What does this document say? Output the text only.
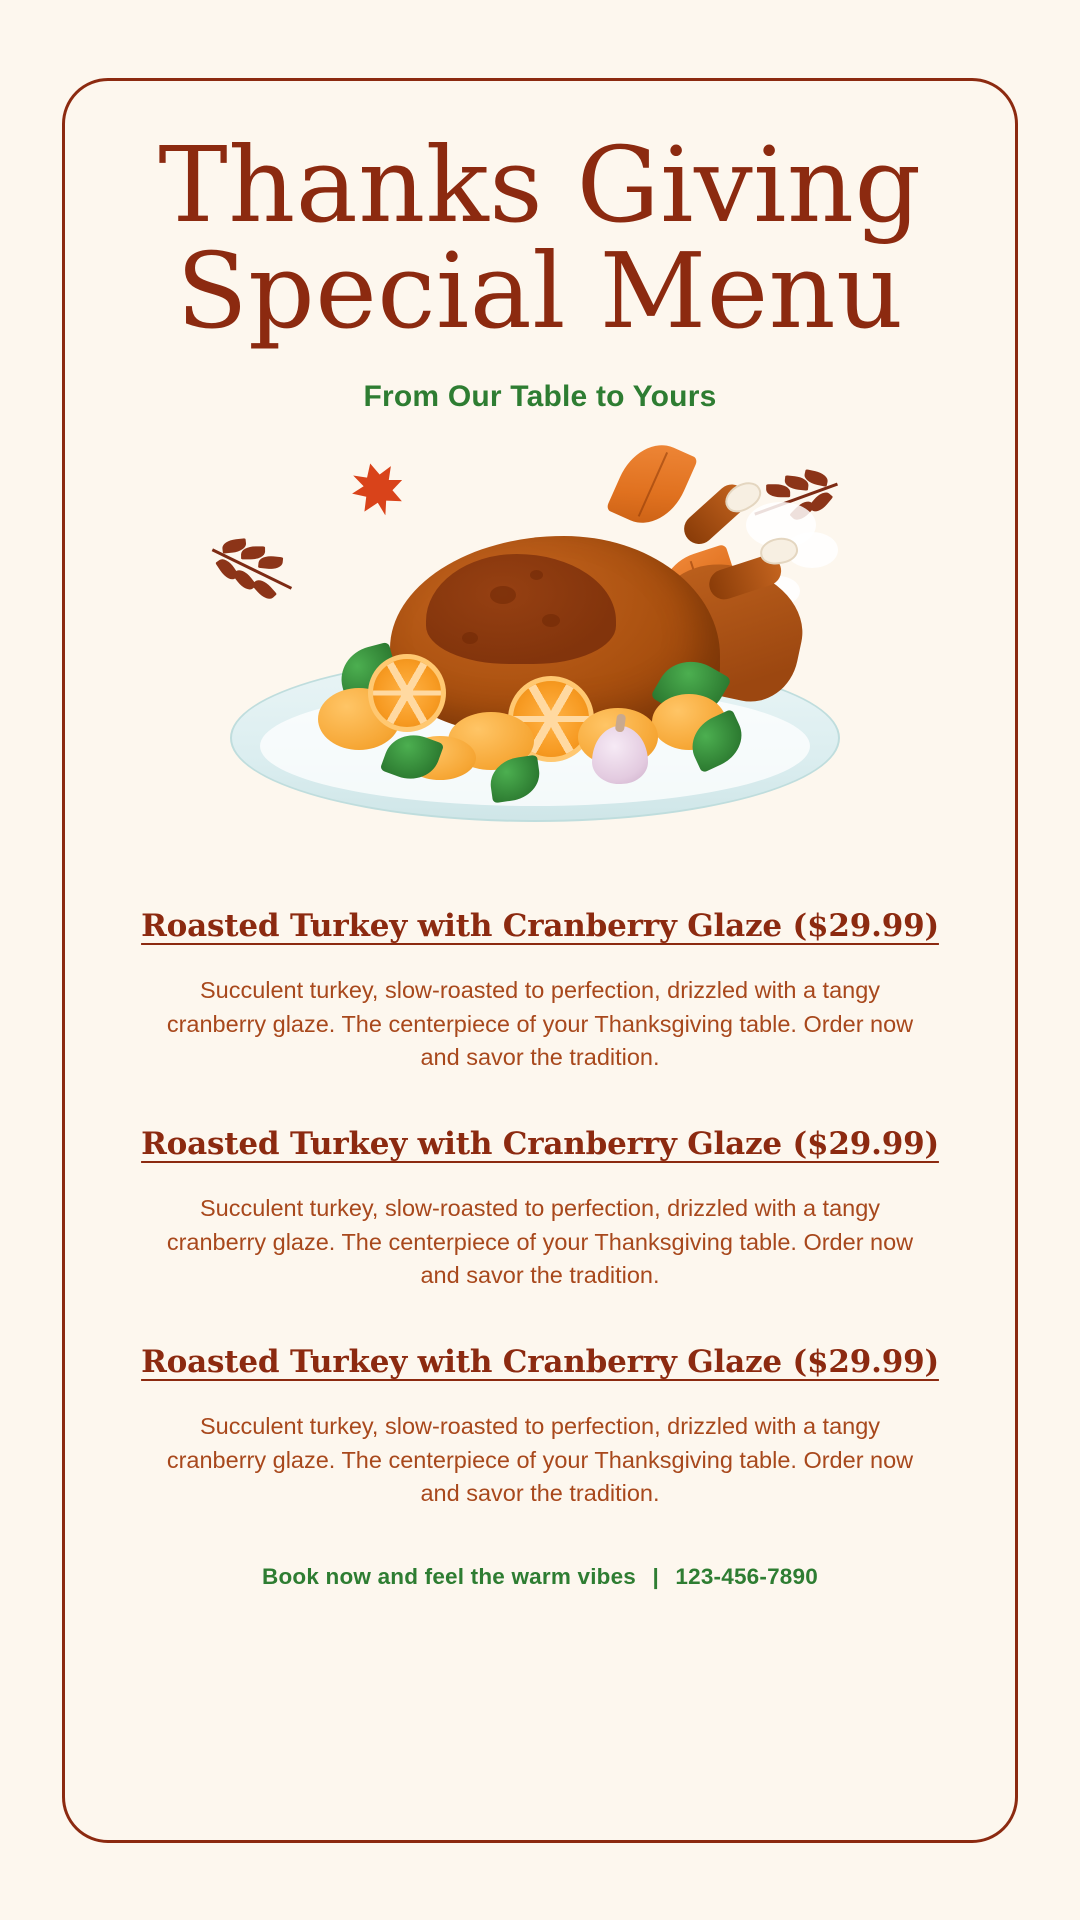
Thanks Giving
Special Menu
From Our Table to Yours
Roasted Turkey with Cranberry Glaze ($29.99)
Succulent turkey, slow-roasted to perfection, drizzled with a tangy cranberry glaze. The centerpiece of your Thanksgiving table. Order now and savor the tradition.
Roasted Turkey with Cranberry Glaze ($29.99)
Succulent turkey, slow-roasted to perfection, drizzled with a tangy cranberry glaze. The centerpiece of your Thanksgiving table. Order now and savor the tradition.
Roasted Turkey with Cranberry Glaze ($29.99)
Succulent turkey, slow-roasted to perfection, drizzled with a tangy cranberry glaze. The centerpiece of your Thanksgiving table. Order now and savor the tradition.
Book now and feel the warm vibes | 123-456-7890
